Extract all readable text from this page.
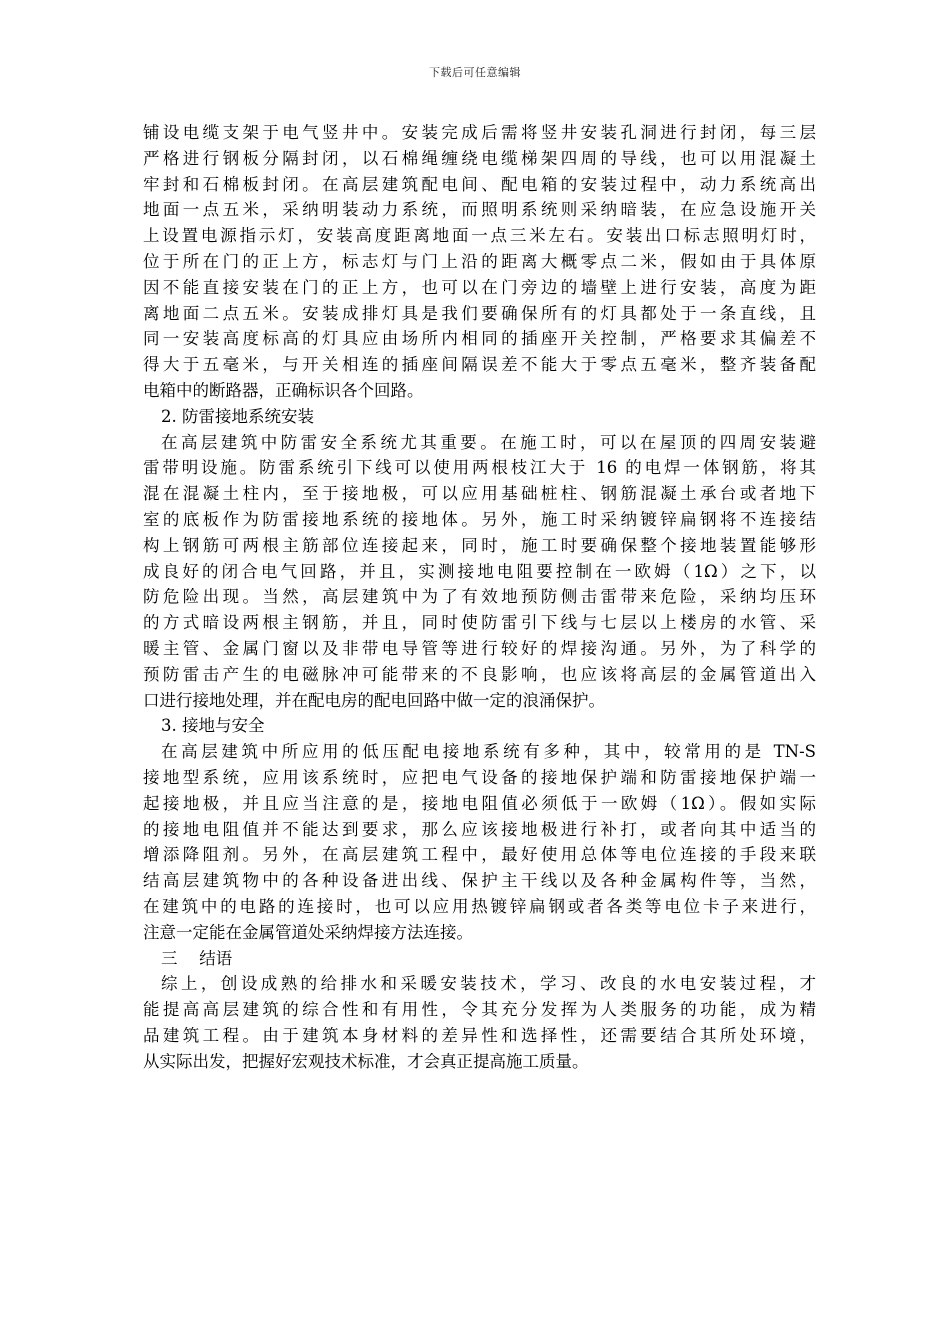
下载后可任意编辑
铺设电缆支架于电气竖井中。安装完成后需将竖井安装孔洞进行封闭，每三层
严格进行钢板分隔封闭，以石棉绳缠绕电缆梯架四周的导线，也可以用混凝土
牢封和石棉板封闭。在高层建筑配电间、配电箱的安装过程中，动力系统高出
地面一点五米，采纳明装动力系统，而照明系统则采纳暗装，在应急设施开关
上设置电源指示灯，安装高度距离地面一点三米左右。安装出口标志照明灯时，
位于所在门的正上方，标志灯与门上沿的距离大概零点二米，假如由于具体原
因不能直接安装在门的正上方，也可以在门旁边的墙壁上进行安装，高度为距
离地面二点五米。安装成排灯具是我们要确保所有的灯具都处于一条直线，且
同一安装高度标高的灯具应由场所内相同的插座开关控制，严格要求其偏差不
得大于五毫米，与开关相连的插座间隔误差不能大于零点五毫米，整齐装备配
电箱中的断路器，正确标识各个回路。
2. 防雷接地系统安装
在高层建筑中防雷安全系统尤其重要。在施工时，可以在屋顶的四周安装避
雷带明设施。防雷系统引下线可以使用两根枝江大于 16 的电焊一体钢筋，将其
混在混凝土柱内，至于接地极，可以应用基础桩柱、钢筋混凝土承台或者地下
室的底板作为防雷接地系统的接地体。另外，施工时采纳镀锌扁钢将不连接结
构上钢筋可两根主筋部位连接起来，同时，施工时要确保整个接地装置能够形
成良好的闭合电气回路，并且，实测接地电阻要控制在一欧姆（1Ω）之下，以
防危险出现。当然，高层建筑中为了有效地预防侧击雷带来危险，采纳均压环
的方式暗设两根主钢筋，并且，同时使防雷引下线与七层以上楼房的水管、采
暖主管、金属门窗以及非带电导管等进行较好的焊接沟通。另外，为了科学的
预防雷击产生的电磁脉冲可能带来的不良影响，也应该将高层的金属管道出入
口进行接地处理，并在配电房的配电回路中做一定的浪涌保护。
3. 接地与安全
在高层建筑中所应用的低压配电接地系统有多种，其中，较常用的是 TN-S
接地型系统，应用该系统时，应把电气设备的接地保护端和防雷接地保护端一
起接地极，并且应当注意的是，接地电阻值必须低于一欧姆（1Ω）。假如实际
的接地电阻值并不能达到要求，那么应该接地极进行补打，或者向其中适当的
增添降阻剂。另外，在高层建筑工程中，最好使用总体等电位连接的手段来联
结高层建筑物中的各种设备进出线、保护主干线以及各种金属构件等，当然，
在建筑中的电路的连接时，也可以应用热镀锌扁钢或者各类等电位卡子来进行，
注意一定能在金属管道处采纳焊接方法连接。
三　 结语
综上，创设成熟的给排水和采暖安装技术，学习、改良的水电安装过程，才
能提高高层建筑的综合性和有用性，令其充分发挥为人类服务的功能，成为精
品建筑工程。由于建筑本身材料的差异性和选择性，还需要结合其所处环境，
从实际出发，把握好宏观技术标准，才会真正提高施工质量。
